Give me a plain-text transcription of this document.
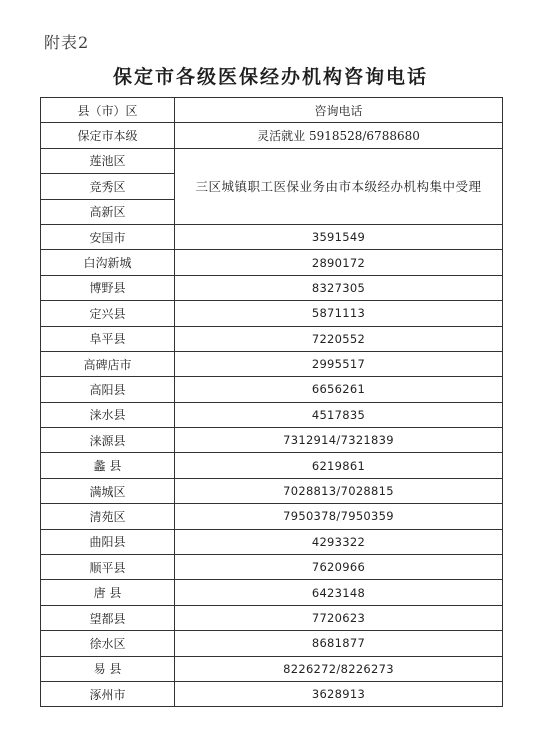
附表2
保定市各级医保经办机构咨询电话
县（市）区	咨询电话
保定市本级	灵活就业 5918528/6788680
莲池区	三区城镇职工医保业务由市本级经办机构集中受理
竞秀区	
高新区	
安国市	3591549
白沟新城	2890172
博野县	8327305
定兴县	5871113
阜平县	7220552
高碑店市	2995517
高阳县	6656261
涞水县	4517835
涞源县	7312914/7321839
蠡 县	6219861
满城区	7028813/7028815
清苑区	7950378/7950359
曲阳县	4293322
顺平县	7620966
唐 县	6423148
望都县	7720623
徐水区	8681877
易 县	8226272/8226273
涿州市	3628913
